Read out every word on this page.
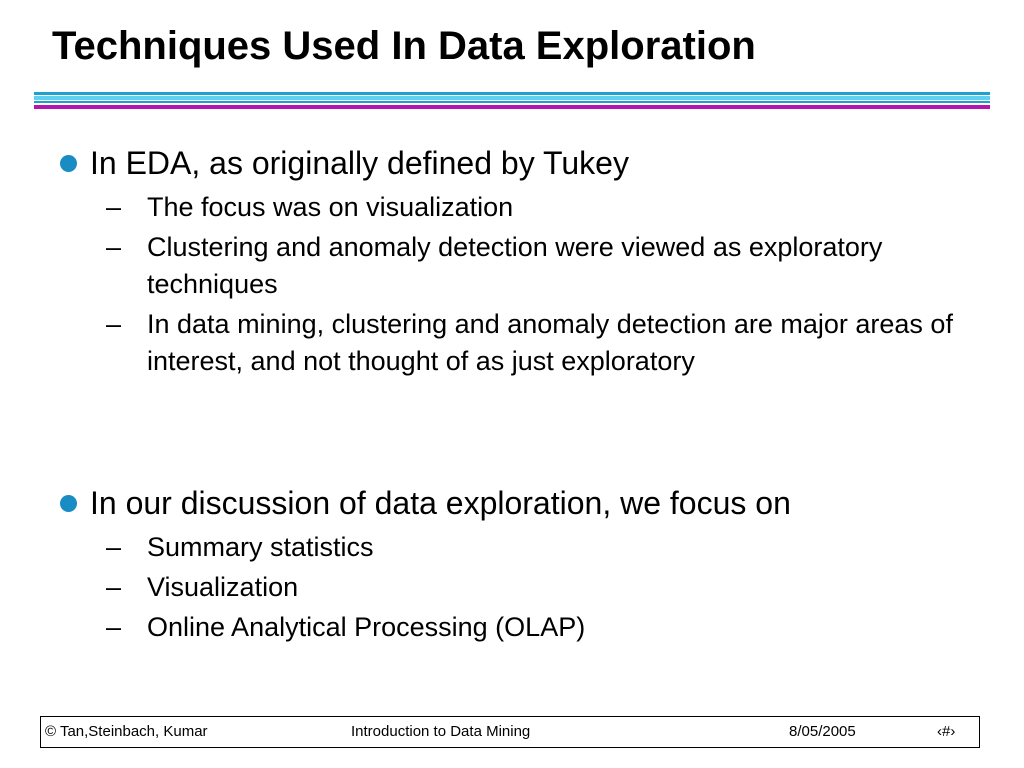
Techniques Used In Data Exploration
In EDA, as originally defined by Tukey
– The focus was on visualization
– Clustering and anomaly detection were viewed as exploratory techniques
– In data mining, clustering and anomaly detection are major areas of interest, and not thought of as just exploratory
In our discussion of data exploration, we focus on
– Summary statistics
– Visualization
– Online Analytical Processing (OLAP)
© Tan,Steinbach, Kumar	Introduction to Data Mining	8/05/2005	‹#›
